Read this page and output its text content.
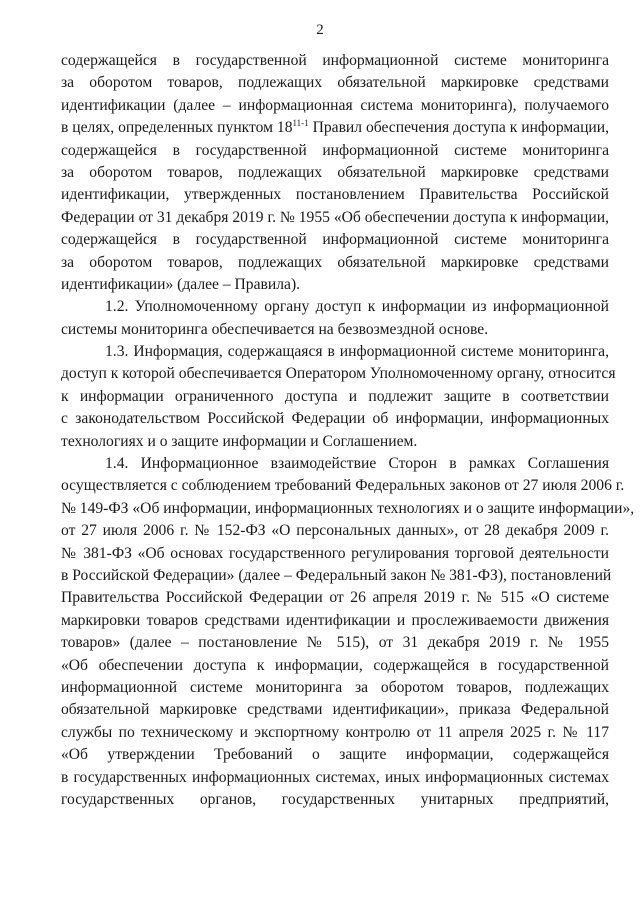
2
содержащейся в государственной информационной системе мониторинга
за оборотом товаров, подлежащих обязательной маркировке средствами
идентификации (далее – информационная система мониторинга), получаемого
в целях, определенных пунктом 18$^{11-1}$ Правил обеспечения доступа к информации,
содержащейся в государственной информационной системе мониторинга
за оборотом товаров, подлежащих обязательной маркировке средствами
идентификации, утвержденных постановлением Правительства Российской
Федерации от 31 декабря 2019 г. № 1955 «Об обеспечении доступа к информации,
содержащейся в государственной информационной системе мониторинга
за оборотом товаров, подлежащих обязательной маркировке средствами
идентификации» (далее – Правила).
1.2. Уполномоченному органу доступ к информации из информационной
системы мониторинга обеспечивается на безвозмездной основе.
1.3. Информация, содержащаяся в информационной системе мониторинга,
доступ к которой обеспечивается Оператором Уполномоченному органу, относится
к информации ограниченного доступа и подлежит защите в соответствии
с законодательством Российской Федерации об информации, информационных
технологиях и о защите информации и Соглашением.
1.4. Информационное взаимодействие Сторон в рамках Соглашения
осуществляется с соблюдением требований Федеральных законов от 27 июля 2006 г.
№ 149-ФЗ «Об информации, информационных технологиях и о защите информации»,
от 27 июля 2006 г. № 152-ФЗ «О персональных данных», от 28 декабря 2009 г.
№ 381-ФЗ «Об основах государственного регулирования торговой деятельности
в Российской Федерации» (далее – Федеральный закон № 381-ФЗ), постановлений
Правительства Российской Федерации от 26 апреля 2019 г. № 515 «О системе
маркировки товаров средствами идентификации и прослеживаемости движения
товаров» (далее – постановление № 515), от 31 декабря 2019 г. № 1955
«Об обеспечении доступа к информации, содержащейся в государственной
информационной системе мониторинга за оборотом товаров, подлежащих
обязательной маркировке средствами идентификации», приказа Федеральной
службы по техническому и экспортному контролю от 11 апреля 2025 г. № 117
«Об утверждении Требований о защите информации, содержащейся
в государственных информационных системах, иных информационных системах
государственных органов, государственных унитарных предприятий,
